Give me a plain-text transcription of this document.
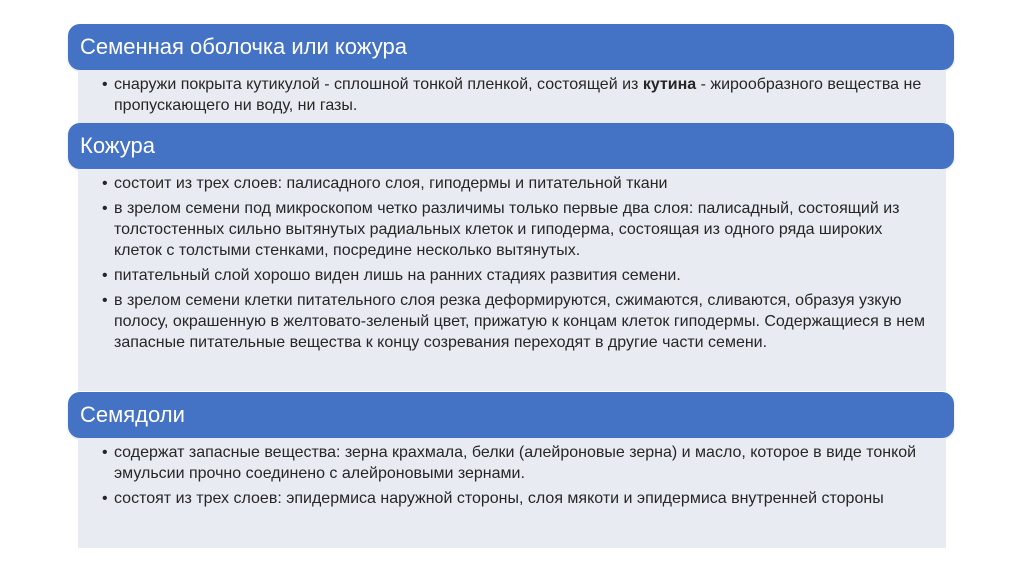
Семенная оболочка или кожура
• снаружи покрыта кутикулой - сплошной тонкой пленкой, состоящей из кутина - жирообразного вещества не пропускающего ни воду, ни газы.
Кожура
• состоит из трех слоев: палисадного слоя, гиподермы и питательной ткани
• в зрелом семени под микроскопом четко различимы только первые два слоя: палисадный, состоящий из толстостенных сильно вытянутых радиальных клеток и гиподерма, состоящая из одного ряда широких клеток с толстыми стенками, посредине несколько вытянутых.
• питательный слой хорошо виден лишь на ранних стадиях развития семени.
• в зрелом семени клетки питательного слоя резка деформируются, сжимаются, сливаются, образуя узкую полосу, окрашенную в желтовато-зеленый цвет, прижатую к концам клеток гиподермы. Содержащиеся в нем запасные питательные вещества к концу созревания переходят в другие части семени.
Семядоли
• содержат запасные вещества: зерна крахмала, белки (алейроновые зерна) и масло, которое в виде тонкой эмульсии прочно соединено с алейроновыми зернами.
• состоят из трех слоев: эпидермиса наружной стороны, слоя мякоти и эпидермиса внутренней стороны
